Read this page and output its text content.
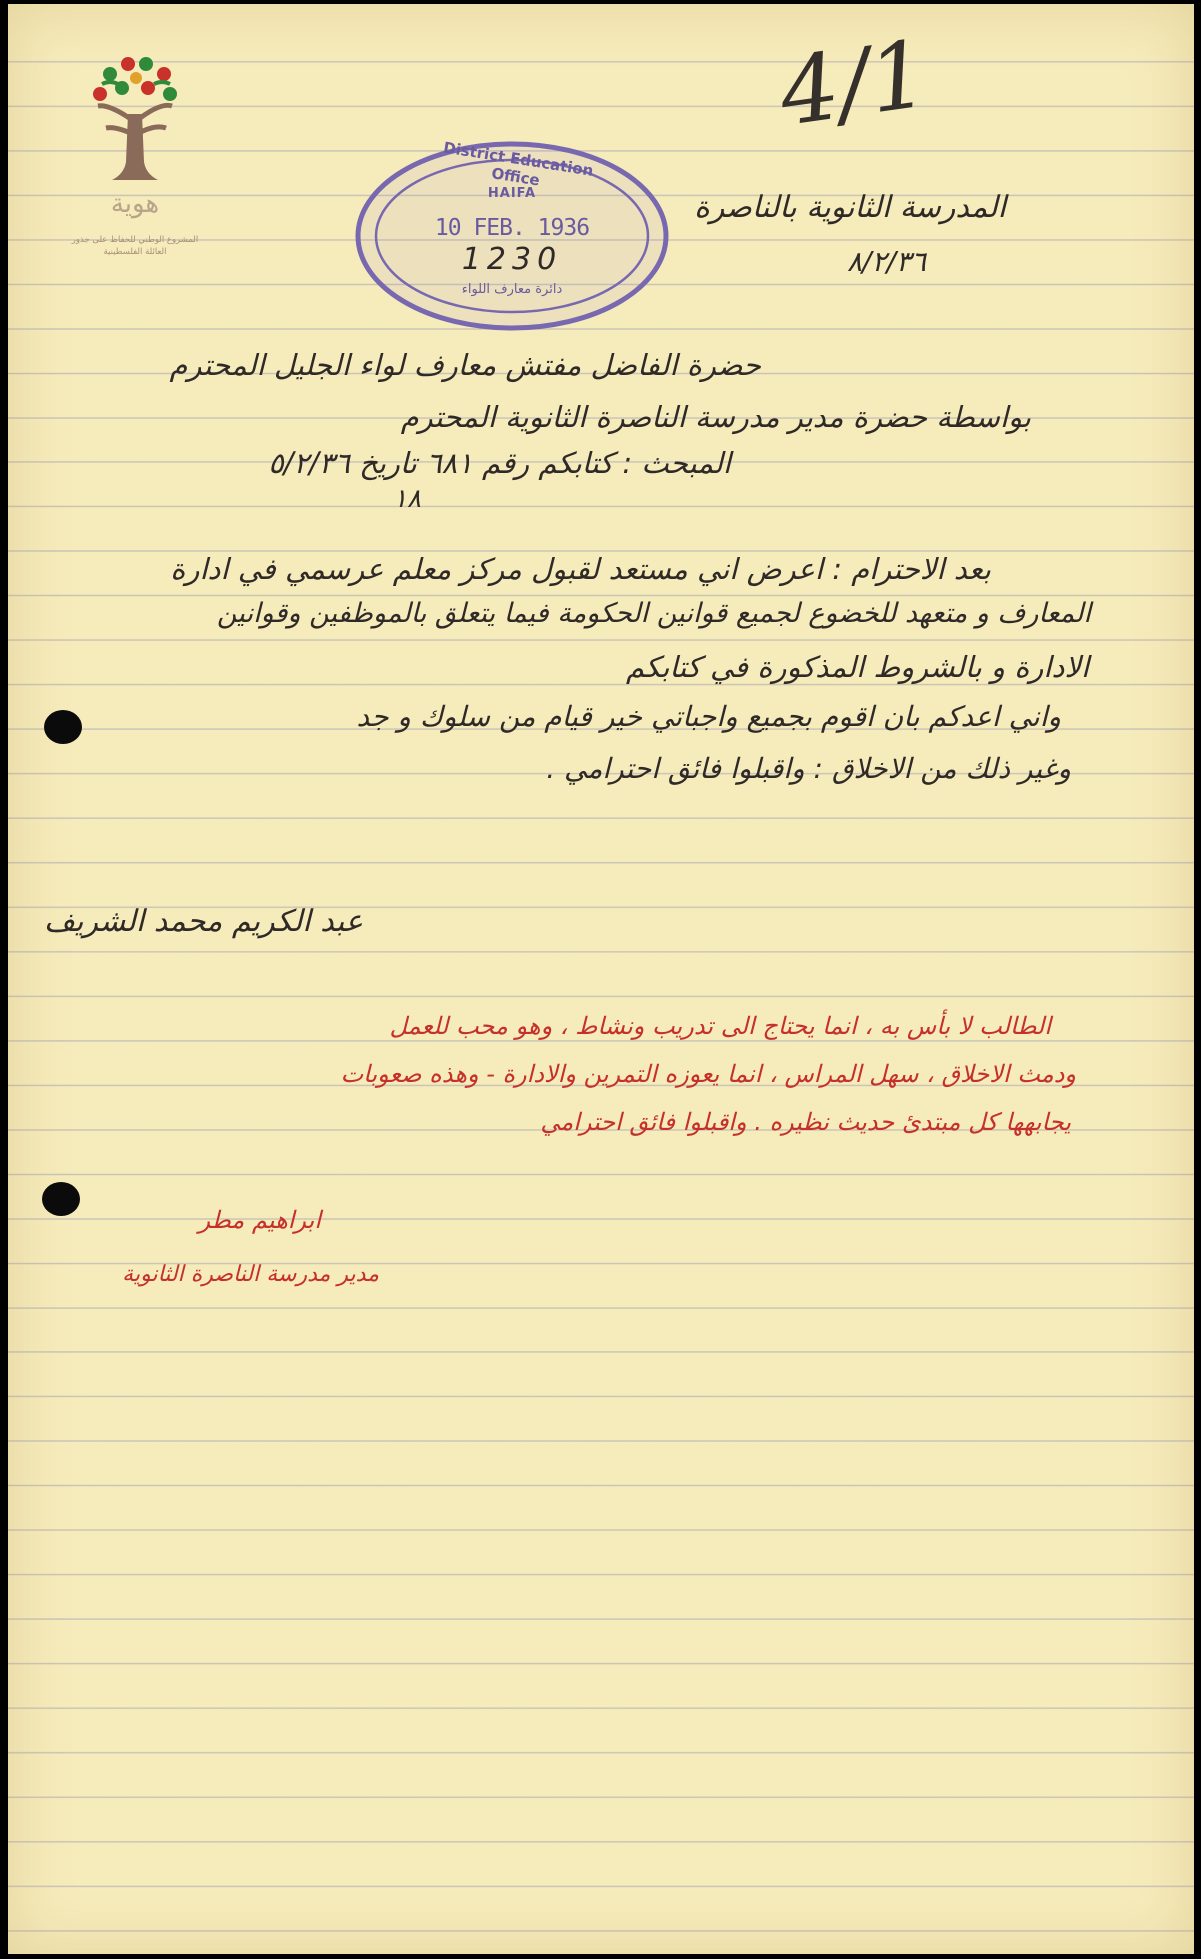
هوية
المشروع الوطني للحفاظ على جذور العائلة الفلسطينية
4/1
District Education Office
HAIFA
10 FEB. 1936
1230
دائرة معارف اللواء
المدرسة الثانوية بالناصرة
٨/٢/٣٦
حضرة الفاضل مفتش معارف لواء الجليل المحترم
بواسطة حضرة مدير مدرسة الناصرة الثانوية المحترم
المبحث : كتابكم رقم ٦٨١ تاريخ ٥/٢/٣٦
١٨
بعد الاحترام : اعرض اني مستعد لقبول مركز معلم عرسمي في ادارة
المعارف و متعهد للخضوع لجميع قوانين الحكومة فيما يتعلق بالموظفين وقوانين
الادارة و بالشروط المذكورة في كتابكم
واني اعدكم بان اقوم بجميع واجباتي خير قيام من سلوك و جد
وغير ذلك من الاخلاق : واقبلوا فائق احترامي .
عبد الكريم محمد الشريف
الطالب لا بأس به ، انما يحتاج الى تدريب ونشاط ، وهو محب للعمل
ودمث الاخلاق ، سهل المراس ، انما يعوزه التمرين والادارة - وهذه صعوبات
يجابهها كل مبتدئ حديث نظيره . واقبلوا فائق احترامي
ابراهيم مطر
مدير مدرسة الناصرة الثانوية
